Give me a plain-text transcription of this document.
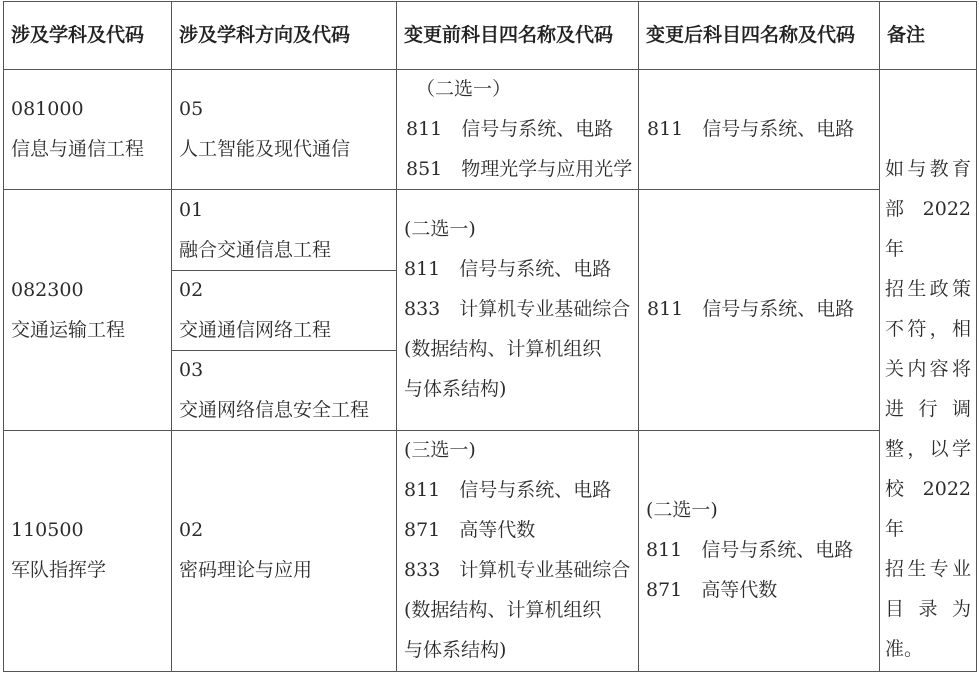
涉及学科及代码 涉及学科方向及代码	变更前科目四名称及代码 变更后科目四名称及代码 备注
081000
信息与通信工程
05
人工智能及现代通信
（二选一）
811　信号与系统、电路
851　物理光学与应用光学
811　信号与系统、电路
082300
交通运输工程
01
融合交通信息工程
02
交通通信网络工程
03
交通网络信息安全工程
(二选一)
811　信号与系统、电路
833　计算机专业基础综合
(数据结构、计算机组织
与体系结构)
811　信号与系统、电路
110500
军队指挥学
02
密码理论与应用
(三选一)
811　信号与系统、电路
871　高等代数
833　计算机专业基础综合
(数据结构、计算机组织
与体系结构)
(二选一)
811　信号与系统、电路
871　高等代数
如与教育
部2022年
招生政策
不符，相
关内容将
进行调
整，以学
校2022年
招生专业
目录为
准。
